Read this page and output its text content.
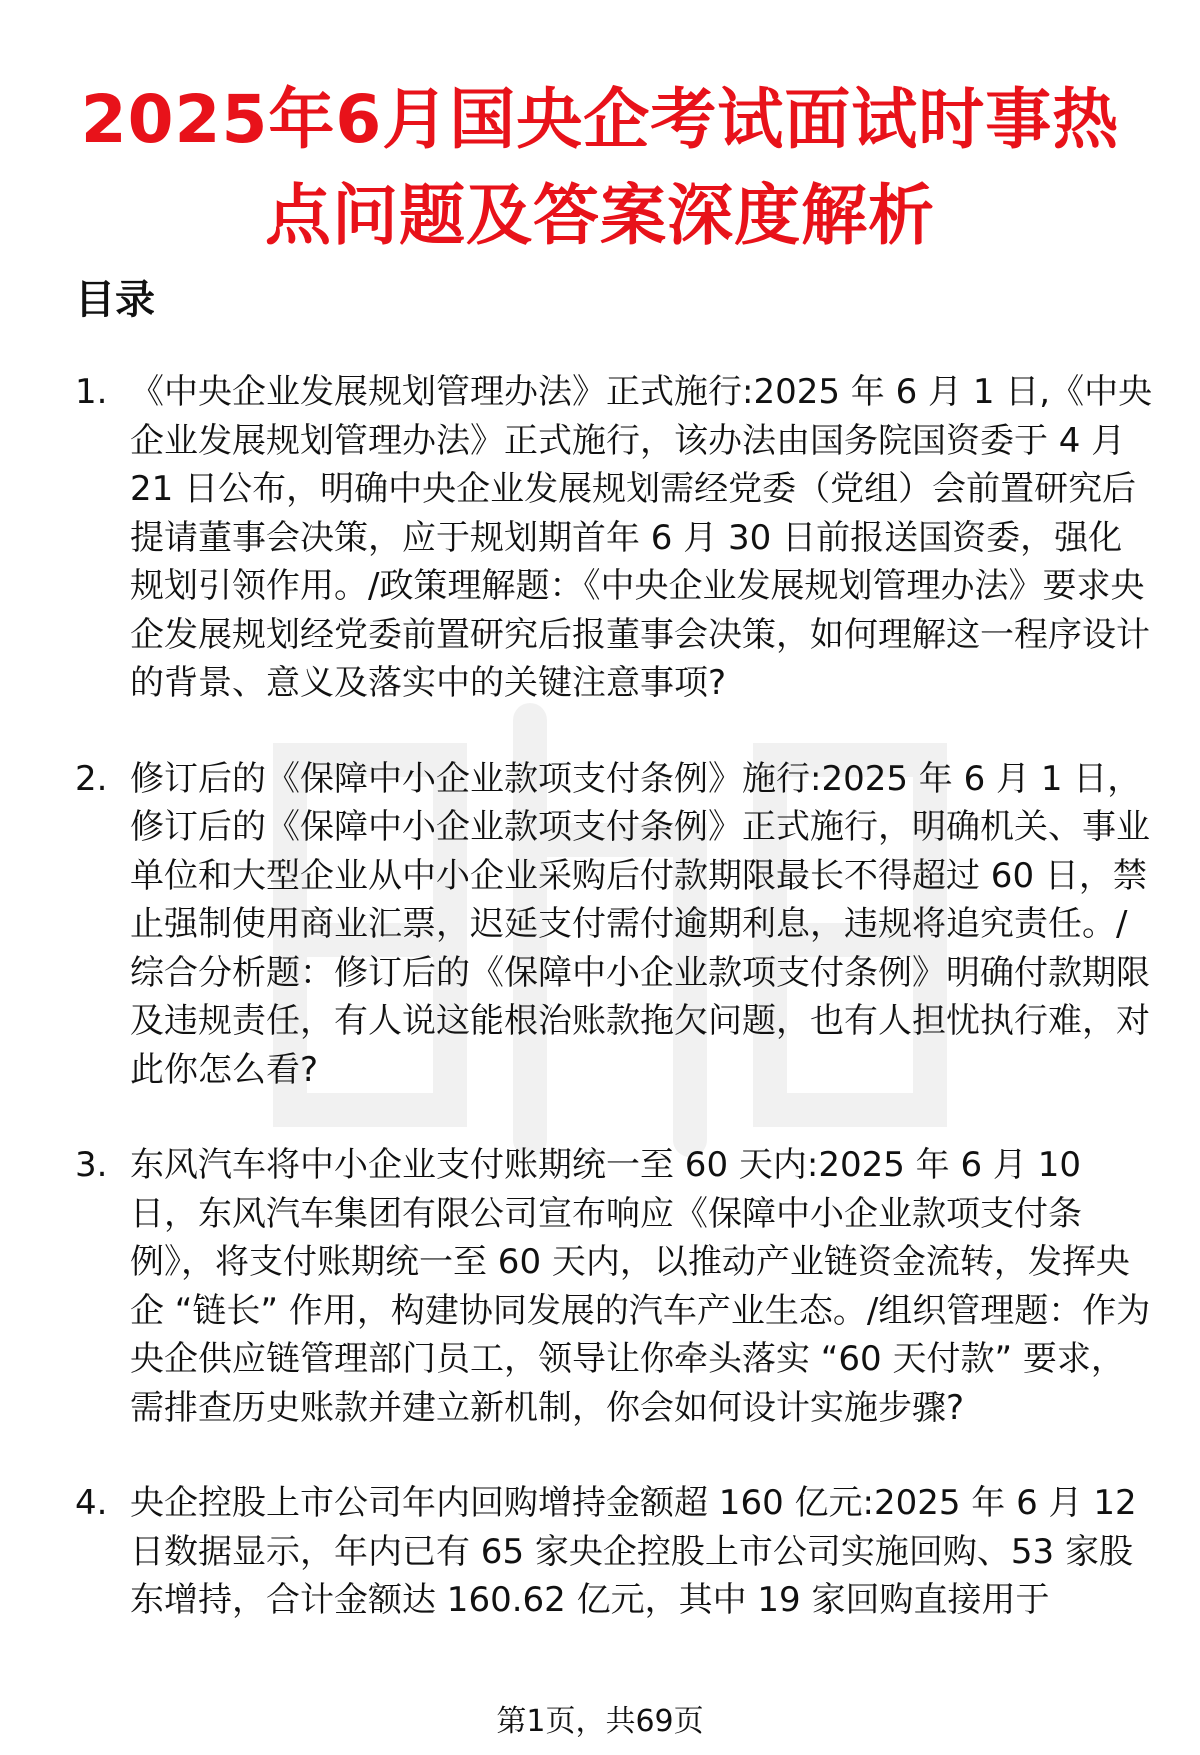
2025年6月国央企考试面试时事热点问题及答案深度解析
目录
1. 《中央企业发展规划管理办法》正式施行:2025 年 6 月 1 日,《中央企业发展规划管理办法》正式施行，该办法由国务院国资委于 4 月 21 日公布，明确中央企业发展规划需经党委（党组）会前置研究后提请董事会决策，应于规划期首年 6 月 30 日前报送国资委，强化规划引领作用。/政策理解题：《中央企业发展规划管理办法》要求央企发展规划经党委前置研究后报董事会决策，如何理解这一程序设计的背景、意义及落实中的关键注意事项?
2. 修订后的《保障中小企业款项支付条例》施行:2025 年 6 月 1 日，修订后的《保障中小企业款项支付条例》正式施行，明确机关、事业单位和大型企业从中小企业采购后付款期限最长不得超过 60 日，禁止强制使用商业汇票，迟延支付需付逾期利息，违规将追究责任。/综合分析题：修订后的《保障中小企业款项支付条例》明确付款期限及违规责任，有人说这能根治账款拖欠问题，也有人担忧执行难，对此你怎么看?
3. 东风汽车将中小企业支付账期统一至 60 天内:2025 年 6 月 10 日，东风汽车集团有限公司宣布响应《保障中小企业款项支付条例》，将支付账期统一至 60 天内，以推动产业链资金流转，发挥央企 “链长” 作用，构建协同发展的汽车产业生态。/组织管理题：作为央企供应链管理部门员工，领导让你牵头落实 “60 天付款” 要求，需排查历史账款并建立新机制，你会如何设计实施步骤?
4. 央企控股上市公司年内回购增持金额超 160 亿元:2025 年 6 月 12 日数据显示，年内已有 65 家央企控股上市公司实施回购、53 家股东增持，合计金额达 160.62 亿元，其中 19 家回购直接用于
第1页，共69页
